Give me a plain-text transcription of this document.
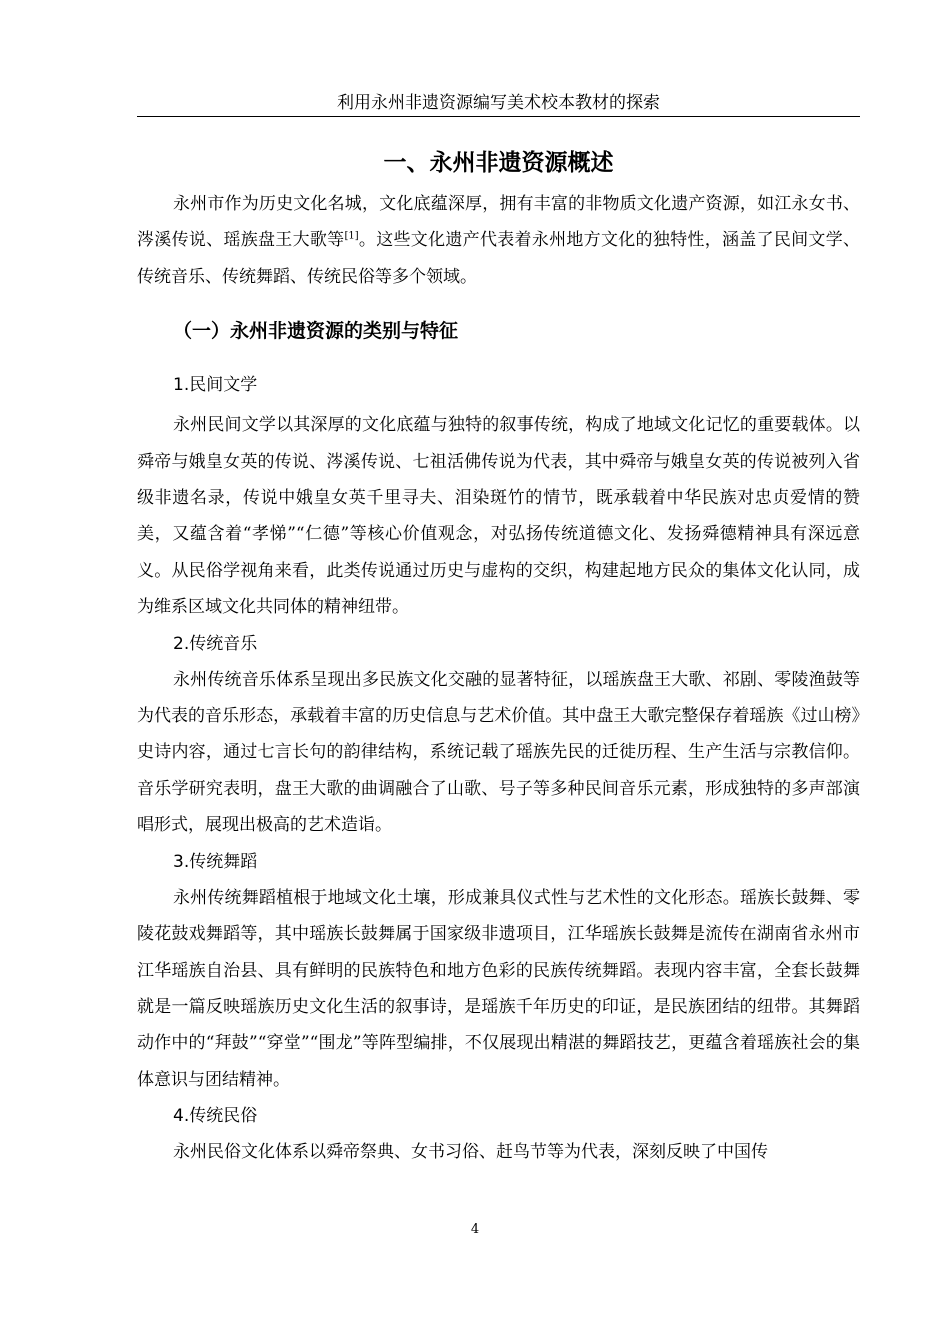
利用永州非遗资源编写美术校本教材的探索
一、永州非遗资源概述

永州市作为历史文化名城，文化底蕴深厚，拥有丰富的非物质文化遗产资源，如江永女书、涔溪传说、瑶族盘王大歌等[1]。这些文化遗产代表着永州地方文化的独特性，涵盖了民间文学、传统音乐、传统舞蹈、传统民俗等多个领域。

（一）永州非遗资源的类别与特征
1.民间文学

永州民间文学以其深厚的文化底蕴与独特的叙事传统，构成了地域文化记忆的重要载体。以舜帝与娥皇女英的传说、涔溪传说、七祖活佛传说为代表，其中舜帝与娥皇女英的传说被列入省级非遗名录，传说中娥皇女英千里寻夫、泪染斑竹的情节，既承载着中华民族对忠贞爱情的赞美，又蕴含着“孝悌”“仁德”等核心价值观念，对弘扬传统道德文化、发扬舜德精神具有深远意义。从民俗学视角来看，此类传说通过历史与虚构的交织，构建起地方民众的集体文化认同，成为维系区域文化共同体的精神纽带。

2.传统音乐

永州传统音乐体系呈现出多民族文化交融的显著特征，以瑶族盘王大歌、祁剧、零陵渔鼓等为代表的音乐形态，承载着丰富的历史信息与艺术价值。其中盘王大歌完整保存着瑶族《过山榜》史诗内容，通过七言长句的韵律结构，系统记载了瑶族先民的迁徙历程、生产生活与宗教信仰。音乐学研究表明，盘王大歌的曲调融合了山歌、号子等多种民间音乐元素，形成独特的多声部演唱形式，展现出极高的艺术造诣。

3.传统舞蹈

永州传统舞蹈植根于地域文化土壤，形成兼具仪式性与艺术性的文化形态。瑶族长鼓舞、零陵花鼓戏舞蹈等，其中瑶族长鼓舞属于国家级非遗项目，江华瑶族长鼓舞是流传在湖南省永州市江华瑶族自治县、具有鲜明的民族特色和地方色彩的民族传统舞蹈。表现内容丰富，全套长鼓舞就是一篇反映瑶族历史文化生活的叙事诗，是瑶族千年历史的印证，是民族团结的纽带。其舞蹈动作中的“拜鼓”“穿堂”“围龙”等阵型编排，不仅展现出精湛的舞蹈技艺，更蕴含着瑶族社会的集体意识与团结精神。

4.传统民俗

永州民俗文化体系以舜帝祭典、女书习俗、赶鸟节等为代表，深刻反映了中国传

4
